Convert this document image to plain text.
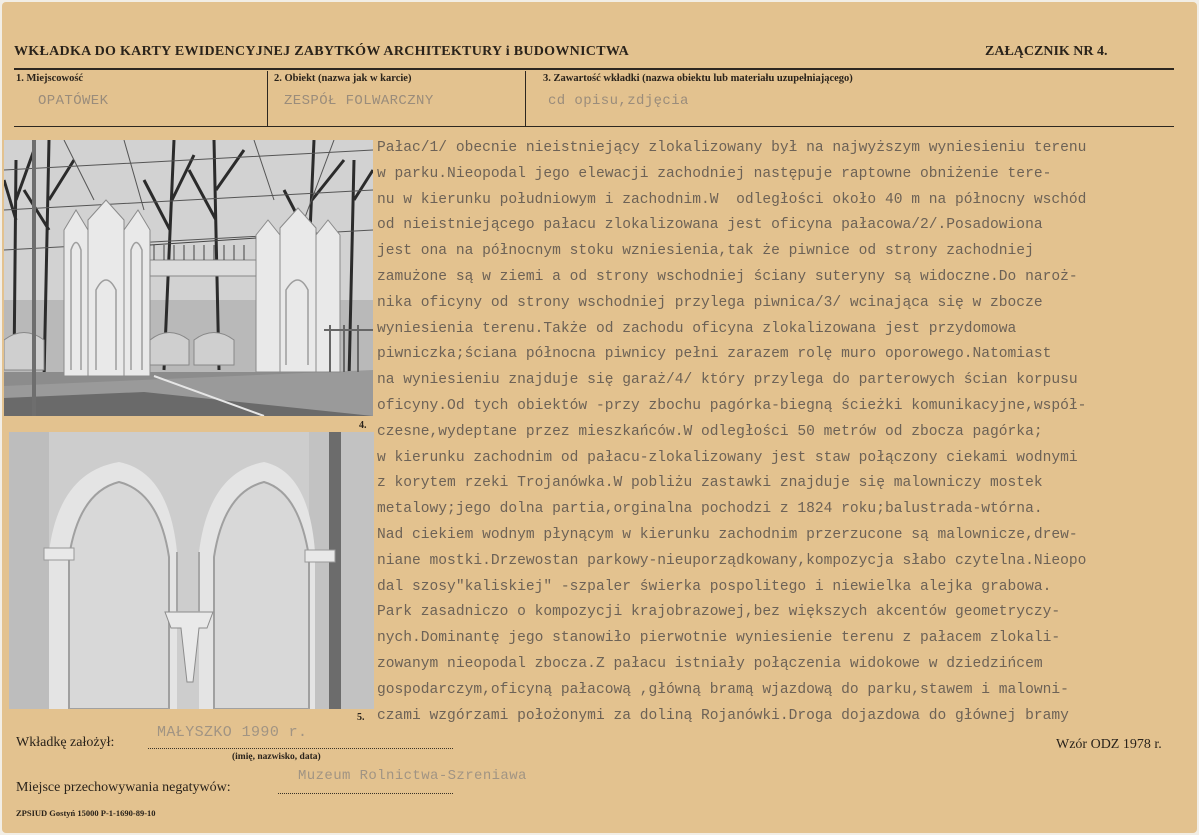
WKŁADKA DO KARTY EWIDENCYJNEJ ZABYTKÓW ARCHITEKTURY i BUDOWNICTWA	ZAŁĄCZNIK NR 4.
1. Miejscowość
OPATÓWEK
2. Obiekt (nazwa jak w karcie)
ZESPÓŁ FOLWARCZNY
3. Zawartość wkładki (nazwa obiektu lub materiału uzupełniającego)
cd opisu,zdjęcia
4.
5.
Pałac/1/ obecnie nieistniejący zlokalizowany był na najwyższym wyniesieniu terenu
w parku.Nieopodal jego elewacji zachodniej następuje raptowne obniżenie tere-
nu w kierunku południowym i zachodnim.W  odległości około 40 m na północny wschód
od nieistniejącego pałacu zlokalizowana jest oficyna pałacowa/2/.Posadowiona
jest ona na północnym stoku wzniesienia,tak że piwnice od strony zachodniej
zamużone są w ziemi a od strony wschodniej ściany suteryny są widoczne.Do naroż-
nika oficyny od strony wschodniej przylega piwnica/3/ wcinająca się w zbocze
wyniesienia terenu.Także od zachodu oficyna zlokalizowana jest przydomowa
piwniczka;ściana północna piwnicy pełni zarazem rolę muro oporowego.Natomiast
na wyniesieniu znajduje się garaż/4/ który przylega do parterowych ścian korpusu
oficyny.Od tych obiektów -przy zbochu pagórka-biegną ścieżki komunikacyjne,współ-
czesne,wydeptane przez mieszkańców.W odległości 50 metrów od zbocza pagórka;
w kierunku zachodnim od pałacu-zlokalizowany jest staw połączony ciekami wodnymi
z korytem rzeki Trojanówka.W pobliżu zastawki znajduje się malowniczy mostek
metalowy;jego dolna partia,orginalna pochodzi z 1824 roku;balustrada-wtórna.
Nad ciekiem wodnym płynącym w kierunku zachodnim przerzucone są malownicze,drew-
niane mostki.Drzewostan parkowy-nieuporządkowany,kompozycja słabo czytelna.Nieopo
dal szosy"kaliskiej" -szpaler świerka pospolitego i niewielka alejka grabowa.
Park zasadniczo o kompozycji krajobrazowej,bez większych akcentów geometryczy-
nych.Dominantę jego stanowiło pierwotnie wyniesienie terenu z pałacem zlokali-
zowanym nieopodal zbocza.Z pałacu istniały połączenia widokowe w dziedzińcem
gospodarczym,oficyną pałacową ,główną bramą wjazdową do parku,stawem i malowni-
czami wzgórzami położonymi za doliną Rojanówki.Droga dojazdowa do głównej bramy
Wkładkę założył:
MAŁYSZKO 1990 r.
(imię, nazwisko, data)
Wzór ODZ 1978 r.
Miejsce przechowywania negatywów:
Muzeum Rolnictwa-Szreniawa
ZPSIUD Gostyń 15000 P-1-1690-89-10
